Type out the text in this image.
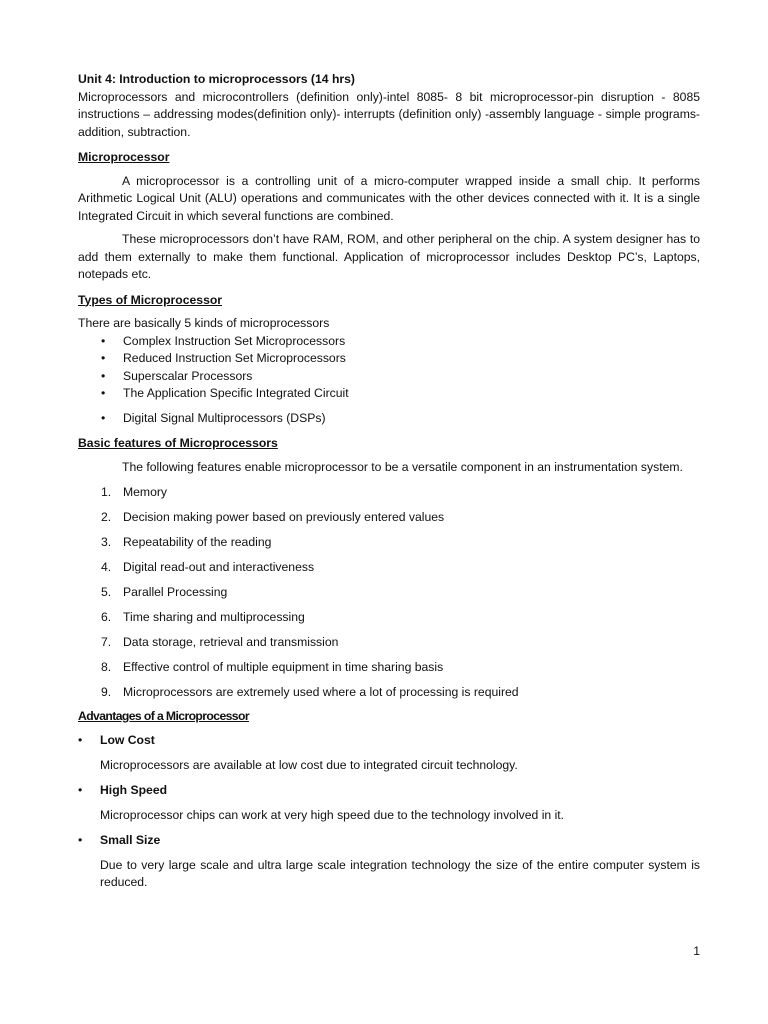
Unit 4: Introduction to microprocessors (14 hrs)

Microprocessors and microcontrollers (definition only)-intel 8085- 8 bit microprocessor-pin disruption - 8085 instructions – addressing modes(definition only)- interrupts (definition only) -assembly language - simple programs- addition, subtraction.

Microprocessor

A microprocessor is a controlling unit of a micro-computer wrapped inside a small chip. It performs Arithmetic Logical Unit (ALU) operations and communicates with the other devices connected with it. It is a single Integrated Circuit in which several functions are combined.

These microprocessors don’t have RAM, ROM, and other peripheral on the chip. A system designer has to add them externally to make them functional. Application of microprocessor includes Desktop PC’s, Laptops, notepads etc.

Types of Microprocessor

There are basically 5 kinds of microprocessors

• Complex Instruction Set Microprocessors
• Reduced Instruction Set Microprocessors
• Superscalar Processors
• The Application Specific Integrated Circuit
• Digital Signal Multiprocessors (DSPs)

Basic features of Microprocessors

The following features enable microprocessor to be a versatile component in an instrumentation system.

1. Memory
2. Decision making power based on previously entered values
3. Repeatability of the reading
4. Digital read-out and interactiveness
5. Parallel Processing
6. Time sharing and multiprocessing
7. Data storage, retrieval and transmission
8. Effective control of multiple equipment in time sharing basis
9. Microprocessors are extremely used where a lot of processing is required

Advantages of a Microprocessor

• Low Cost

Microprocessors are available at low cost due to integrated circuit technology.

• High Speed

Microprocessor chips can work at very high speed due to the technology involved in it.

• Small Size

Due to very large scale and ultra large scale integration technology the size of the entire computer system is reduced.

1
